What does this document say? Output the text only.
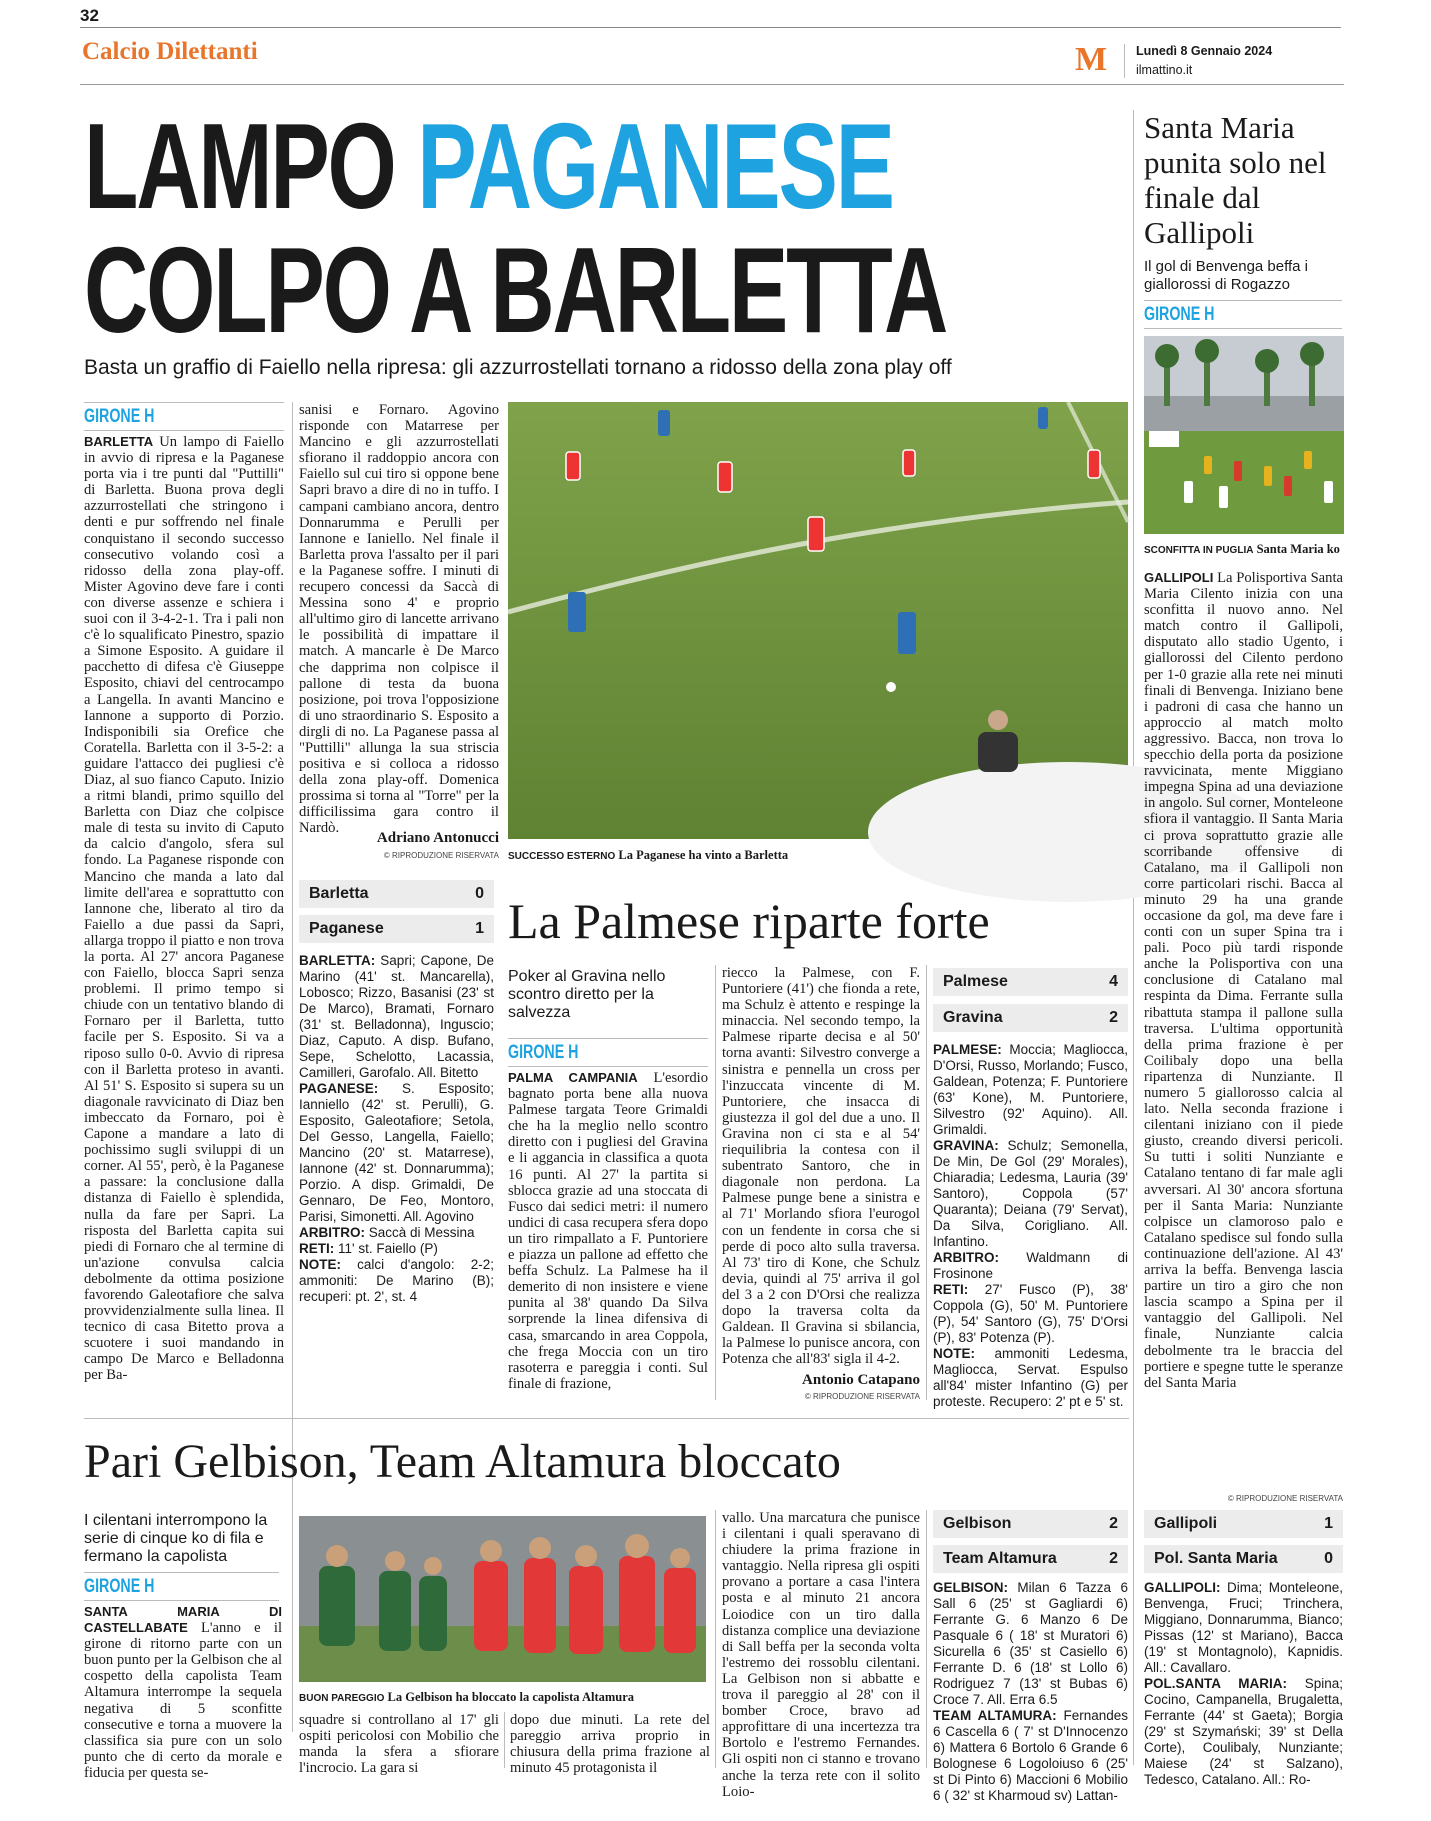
32
Calcio Dilettanti	M Lunedì 8 Gennaio 2024
ilmattino.it
LAMPO PAGANESE
COLPO A BARLETTA
Basta un graffio di Faiello nella ripresa: gli azzurrostellati tornano a ridosso della zona play off
GIRONE H
BARLETTA Un lampo di Faiello in avvio di ripresa e la Paganese porta via i tre punti dal "Puttilli" di Barletta. Buona prova degli azzurrostellati che stringono i denti e pur soffrendo nel finale conquistano il secondo successo consecutivo volando così a ridosso della zona play-off. Mister Agovino deve fare i conti con diverse assenze e schiera i suoi con il 3-4-2-1. Tra i pali non c'è lo squalificato Pinestro, spazio a Simone Esposito. A guidare il pacchetto di difesa c'è Giuseppe Esposito, chiavi del centrocampo a Langella. In avanti Mancino e Iannone a supporto di Porzio. Indisponibili sia Orefice che Coratella. Barletta con il 3-5-2: a guidare l'attacco dei pugliesi c'è Diaz, al suo fianco Caputo. Inizio a ritmi blandi, primo squillo del Barletta con Diaz che colpisce male di testa su invito di Caputo da calcio d'angolo, sfera sul fondo. La Paganese risponde con Mancino che manda a lato dal limite dell'area e soprattutto con Iannone che, liberato al tiro da Faiello a due passi da Sapri, allarga troppo il piatto e non trova la porta. Al 27' ancora Paganese con Faiello, blocca Sapri senza problemi. Il primo tempo si chiude con un tentativo blando di Fornaro per il Barletta, tutto facile per S. Esposito. Si va a riposo sullo 0-0. Avvio di ripresa con il Barletta proteso in avanti. Al 51' S. Esposito si supera su un diagonale ravvicinato di Diaz ben imbeccato da Fornaro, poi è Capone a mandare a lato di pochissimo sugli sviluppi di un corner. Al 55', però, è la Paganese a passare: la conclusione dalla distanza di Faiello è splendida, nulla da fare per Sapri. La risposta del Barletta capita sui piedi di Fornaro che al termine di un'azione convulsa calcia debolmente da ottima posizione favorendo Galeotafiore che salva provvidenzialmente sulla linea. Il tecnico di casa Bitetto prova a scuotere i suoi mandando in campo De Marco e Belladonna per Ba-
sanisi e Fornaro. Agovino risponde con Matarrese per Mancino e gli azzurrostellati sfiorano il raddoppio ancora con Faiello sul cui tiro si oppone bene Sapri bravo a dire di no in tuffo. I campani cambiano ancora, dentro Donnarumma e Perulli per Iannone e Ianiello. Nel finale il Barletta prova l'assalto per il pari e la Paganese soffre. I minuti di recupero concessi da Saccà di Messina sono 4' e proprio all'ultimo giro di lancette arrivano le possibilità di impattare il match. A mancarle è De Marco che dapprima non colpisce il pallone di testa da buona posizione, poi trova l'opposizione di uno straordinario S. Esposito a dirgli di no. La Paganese passa al "Puttilli" allunga la sua striscia positiva e si colloca a ridosso della zona play-off. Domenica prossima si torna al "Torre" per la difficilissima gara contro il Nardò.
Adriano Antonucci
© RIPRODUZIONE RISERVATA
Barletta	0
Paganese	1
BARLETTA: Sapri; Capone, De Marino (41' st. Mancarella), Lobosco; Rizzo, Basanisi (23' st De Marco), Bramati, Fornaro (31' st. Belladonna), Inguscio; Diaz, Caputo. A disp. Bufano, Sepe, Schelotto, Lacassia, Camilleri, Garofalo. All. Bitetto
PAGANESE: S. Esposito; Ianniello (42' st. Perulli), G. Esposito, Galeotafiore; Setola, Del Gesso, Langella, Faiello; Mancino (20' st. Matarrese), Iannone (42' st. Donnarumma); Porzio. A disp. Grimaldi, De Gennaro, De Feo, Montoro, Parisi, Simonetti. All. Agovino
ARBITRO: Saccà di Messina
RETI: 11' st. Faiello (P)
NOTE: calci d'angolo: 2-2; ammoniti: De Marino (B); recuperi: pt. 2', st. 4
SUCCESSO ESTERNO La Paganese ha vinto a Barletta
La Palmese riparte forte
Poker al Gravina nello scontro diretto per la salvezza
GIRONE H
PALMA CAMPANIA L'esordio bagnato porta bene alla nuova Palmese targata Teore Grimaldi che ha la meglio nello scontro diretto con i pugliesi del Gravina e li aggancia in classifica a quota 16 punti. Al 27' la partita si sblocca grazie ad una stoccata di Fusco dai sedici metri: il numero undici di casa recupera sfera dopo un tiro rimpallato a F. Puntoriere e piazza un pallone ad effetto che beffa Schulz. La Palmese ha il demerito di non insistere e viene punita al 38' quando Da Silva sorprende la linea difensiva di casa, smarcando in area Coppola, che frega Moccia con un tiro rasoterra e pareggia i conti. Sul finale di frazione,
riecco la Palmese, con F. Puntoriere (41') che fionda a rete, ma Schulz è attento e respinge la minaccia. Nel secondo tempo, la Palmese riparte decisa e al 50' torna avanti: Silvestro converge a sinistra e pennella un cross per l'inzuccata vincente di M. Puntoriere, che insacca di giustezza il gol del due a uno. Il Gravina non ci sta e al 54' riequilibria la contesa con il subentrato Santoro, che in diagonale non perdona. La Palmese punge bene a sinistra e al 71' Morlando sfiora l'eurogol con un fendente in corsa che si perde di poco alto sulla traversa. Al 73' tiro di Kone, che Schulz devia, quindi al 75' arriva il gol del 3 a 2 con D'Orsi che realizza dopo la traversa colta da Galdean. Il Gravina si sbilancia, la Palmese lo punisce ancora, con Potenza che all'83' sigla il 4-2.
Antonio Catapano
© RIPRODUZIONE RISERVATA
Palmese	4
Gravina	2
PALMESE: Moccia; Magliocca, D'Orsi, Russo, Morlando; Fusco, Galdean, Potenza; F. Puntoriere (63' Kone), M. Puntoriere, Silvestro (92' Aquino). All. Grimaldi.
GRAVINA: Schulz; Semonella, De Min, De Gol (29' Morales), Chiaradia; Ledesma, Lauria (39' Santoro), Coppola (57' Quaranta); Deiana (79' Servat), Da Silva, Corigliano. All. Infantino.
ARBITRO: Waldmann di Frosinone
RETI: 27' Fusco (P), 38' Coppola (G), 50' M. Puntoriere (P), 54' Santoro (G), 75' D'Orsi (P), 83' Potenza (P).
NOTE: ammoniti Ledesma, Magliocca, Servat. Espulso all'84' mister Infantino (G) per proteste. Recupero: 2' pt e 5' st.
Pari Gelbison, Team Altamura bloccato
I cilentani interrompono la serie di cinque ko di fila e fermano la capolista
GIRONE H
SANTA MARIA DI CASTELLABATE L'anno e il girone di ritorno parte con un buon punto per la Gelbison che al cospetto della capolista Team Altamura interrompe la sequela negativa di 5 sconfitte consecutive e torna a muovere la classifica sia pure con un solo punto che di certo da morale e fiducia per questa se-
BUON PAREGGIO La Gelbison ha bloccato la capolista Altamura
squadre si controllano al 17' gli ospiti pericolosi con Mobilio che manda la sfera a sfiorare l'incrocio. La gara si
dopo due minuti. La rete del pareggio arriva proprio in chiusura della prima frazione al minuto 45 protagonista il
vallo. Una marcatura che punisce i cilentani i quali speravano di chiudere la prima frazione in vantaggio. Nella ripresa gli ospiti provano a portare a casa l'intera posta e al minuto 21 ancora Loiodice con un tiro dalla distanza complice una deviazione di Sall beffa per la seconda volta l'estremo dei rossoblu cilentani. La Gelbison non si abbatte e trova il pareggio al 28' con il bomber Croce, bravo ad approfittare di una incertezza tra Bortolo e l'estremo Fernandes. Gli ospiti non ci stanno e trovano anche la terza rete con il solito Loio-
Gelbison	2
Team Altamura	2
GELBISON: Milan 6 Tazza 6 Sall 6 (25' st Gagliardi 6) Ferrante G. 6 Manzo 6 De Pasquale 6 ( 18' st Muratori 6) Sicurella 6 (35' st Casiello 6) Ferrante D. 6 (18' st Lollo 6) Rodriguez 7 (13' st Bubas 6) Croce 7. All. Erra 6.5
TEAM ALTAMURA: Fernandes 6 Cascella 6 ( 7' st D'Innocenzo 6) Mattera 6 Bortolo 6 Grande 6 Bolognese 6 Logoloiuso 6 (25' st Di Pinto 6) Maccioni 6 Mobilio 6 ( 32' st Kharmoud sv) Lattan-
Santa Maria punita solo nel finale dal Gallipoli
Il gol di Benvenga beffa i giallorossi di Rogazzo
GIRONE H
SCONFITTA IN PUGLIA Santa Maria ko
GALLIPOLI La Polisportiva Santa Maria Cilento inizia con una sconfitta il nuovo anno. Nel match contro il Gallipoli, disputato allo stadio Ugento, i giallorossi del Cilento perdono per 1-0 grazie alla rete nei minuti finali di Benvenga. Iniziano bene i padroni di casa che hanno un approccio al match molto aggressivo. Bacca, non trova lo specchio della porta da posizione ravvicinata, mente Miggiano impegna Spina ad una deviazione in angolo. Sul corner, Monteleone sfiora il vantaggio. Il Santa Maria ci prova soprattutto grazie alle scorribande offensive di Catalano, ma il Gallipoli non corre particolari rischi. Bacca al minuto 29 ha una grande occasione da gol, ma deve fare i conti con un super Spina tra i pali. Poco più tardi risponde anche la Polisportiva con una conclusione di Catalano mal respinta da Dima. Ferrante sulla ribattuta stampa il pallone sulla traversa. L'ultima opportunità della prima frazione è per Coilibaly dopo una bella ripartenza di Nunziante. Il numero 5 giallorosso calcia al lato. Nella seconda frazione i cilentani iniziano con il piede giusto, creando diversi pericoli. Su tutti i soliti Nunziante e Catalano tentano di far male agli avversari. Al 30' ancora sfortuna per il Santa Maria: Nunziante colpisce un clamoroso palo e Catalano spedisce sul fondo sulla continuazione dell'azione. Al 43' arriva la beffa. Benvenga lascia partire un tiro a giro che non lascia scampo a Spina per il vantaggio del Gallipoli. Nel finale, Nunziante calcia debolmente tra le braccia del portiere e spegne tutte le speranze del Santa Maria
© RIPRODUZIONE RISERVATA
Gallipoli	1
Pol. Santa Maria	0
GALLIPOLI: Dima; Monteleone, Benvenga, Fruci; Trinchera, Miggiano, Donnarumma, Bianco; Pissas (12' st Mariano), Bacca (19' st Montagnolo), Kapnidis. All.: Cavallaro.
POL.SANTA MARIA: Spina; Cocino, Campanella, Brugaletta, Ferrante (44' st Gaeta); Borgia (29' st Szymański; 39' st Della Corte), Coulibaly, Nunziante; Maiese (24' st Salzano), Tedesco, Catalano. All.: Ro-
